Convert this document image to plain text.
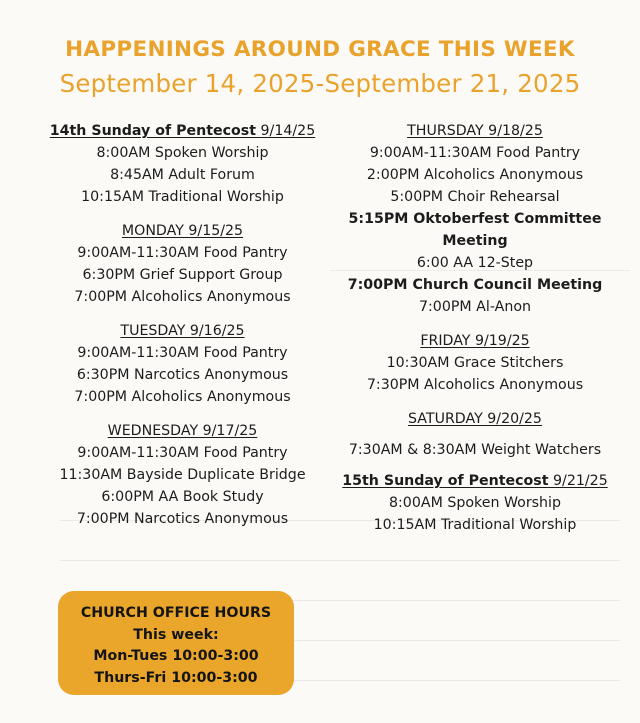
HAPPENINGS AROUND GRACE THIS WEEK
September 14, 2025-September 21, 2025
14th Sunday of Pentecost 9/14/25
8:00AM Spoken Worship
8:45AM Adult Forum
10:15AM Traditional Worship
MONDAY 9/15/25
9:00AM-11:30AM Food Pantry
6:30PM Grief Support Group
7:00PM Alcoholics Anonymous
TUESDAY 9/16/25
9:00AM-11:30AM Food Pantry
6:30PM Narcotics Anonymous
7:00PM Alcoholics Anonymous
WEDNESDAY 9/17/25
9:00AM-11:30AM Food Pantry
11:30AM Bayside Duplicate Bridge
6:00PM AA Book Study
7:00PM Narcotics Anonymous
THURSDAY 9/18/25
9:00AM-11:30AM Food Pantry
2:00PM Alcoholics Anonymous
5:00PM Choir Rehearsal
5:15PM Oktoberfest Committee
Meeting
6:00 AA 12-Step
7:00PM Church Council Meeting
7:00PM Al-Anon
FRIDAY 9/19/25
10:30AM Grace Stitchers
7:30PM Alcoholics Anonymous
SATURDAY 9/20/25
7:30AM & 8:30AM Weight Watchers
15th Sunday of Pentecost 9/21/25
8:00AM Spoken Worship
10:15AM Traditional Worship
CHURCH OFFICE HOURS
This week:
Mon-Tues 10:00-3:00
Thurs-Fri 10:00-3:00
